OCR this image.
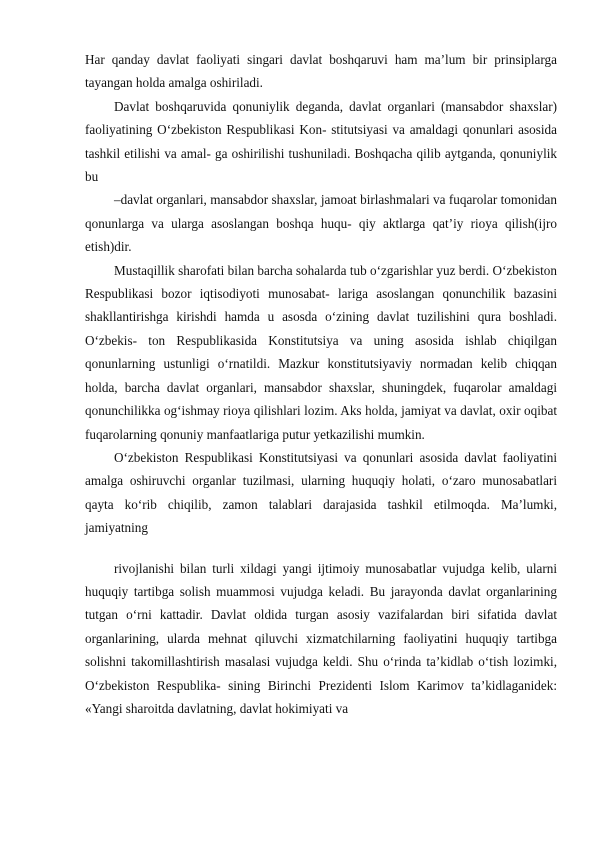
Har qanday davlat faoliyati singari davlat boshqaruvi ham ma’lum bir prinsiplarga tayangan holda amalga oshiriladi.

Davlat boshqaruvida qonuniylik deganda, davlat organlari (mansabdor shaxslar) faoliyatining O‘zbekiston Respublikasi Kon- stitutsiyasi va amaldagi qonunlari asosida tashkil etilishi va amal- ga oshirilishi tushuniladi. Boshqacha qilib aytganda, qonuniylik bu

–davlat organlari, mansabdor shaxslar, jamoat birlashmalari va fuqarolar tomonidan qonunlarga va ularga asoslangan boshqa huqu- qiy aktlarga qat’iy rioya qilish(ijro etish)dir.

Mustaqillik sharofati bilan barcha sohalarda tub o‘zgarishlar yuz berdi. O‘zbekiston Respublikasi bozor iqtisodiyoti munosabat- lariga asoslangan qonunchilik bazasini shakllantirishga kirishdi hamda u asosda o‘zining davlat tuzilishini qura boshladi. O‘zbekis- ton Respublikasida Konstitutsiya va uning asosida ishlab chiqilgan qonunlarning ustunligi o‘rnatildi. Mazkur konstitutsiyaviy normadan kelib chiqqan holda, barcha davlat organlari, mansabdor shaxslar, shuningdek, fuqarolar amaldagi qonunchilikka og‘ishmay rioya qilishlari lozim. Aks holda, jamiyat va davlat, oxir oqibat fuqarolarning qonuniy manfaatlariga putur yetkazilishi mumkin.

O‘zbekiston Respublikasi Konstitutsiyasi va qonunlari asosida davlat faoliyatini amalga oshiruvchi organlar tuzilmasi, ularning huquqiy holati, o‘zaro munosabatlari qayta ko‘rib chiqilib, zamon talablari darajasida tashkil etilmoqda. Ma’lumki, jamiyatning

rivojlanishi bilan turli xildagi yangi ijtimoiy munosabatlar vujudga kelib, ularni huquqiy tartibga solish muammosi vujudga keladi. Bu jarayonda davlat organlarining tutgan o‘rni kattadir. Davlat oldida turgan asosiy vazifalardan biri sifatida davlat organlarining, ularda mehnat qiluvchi xizmatchilarning faoliyatini huquqiy tartibga solishni takomillashtirish masalasi vujudga keldi. Shu o‘rinda ta’kidlab o‘tish lozimki, O‘zbekiston Respublika- sining Birinchi Prezidenti Islom Karimov ta’kidlaganidek: «Yangi sharoitda davlatning, davlat hokimiyati va
